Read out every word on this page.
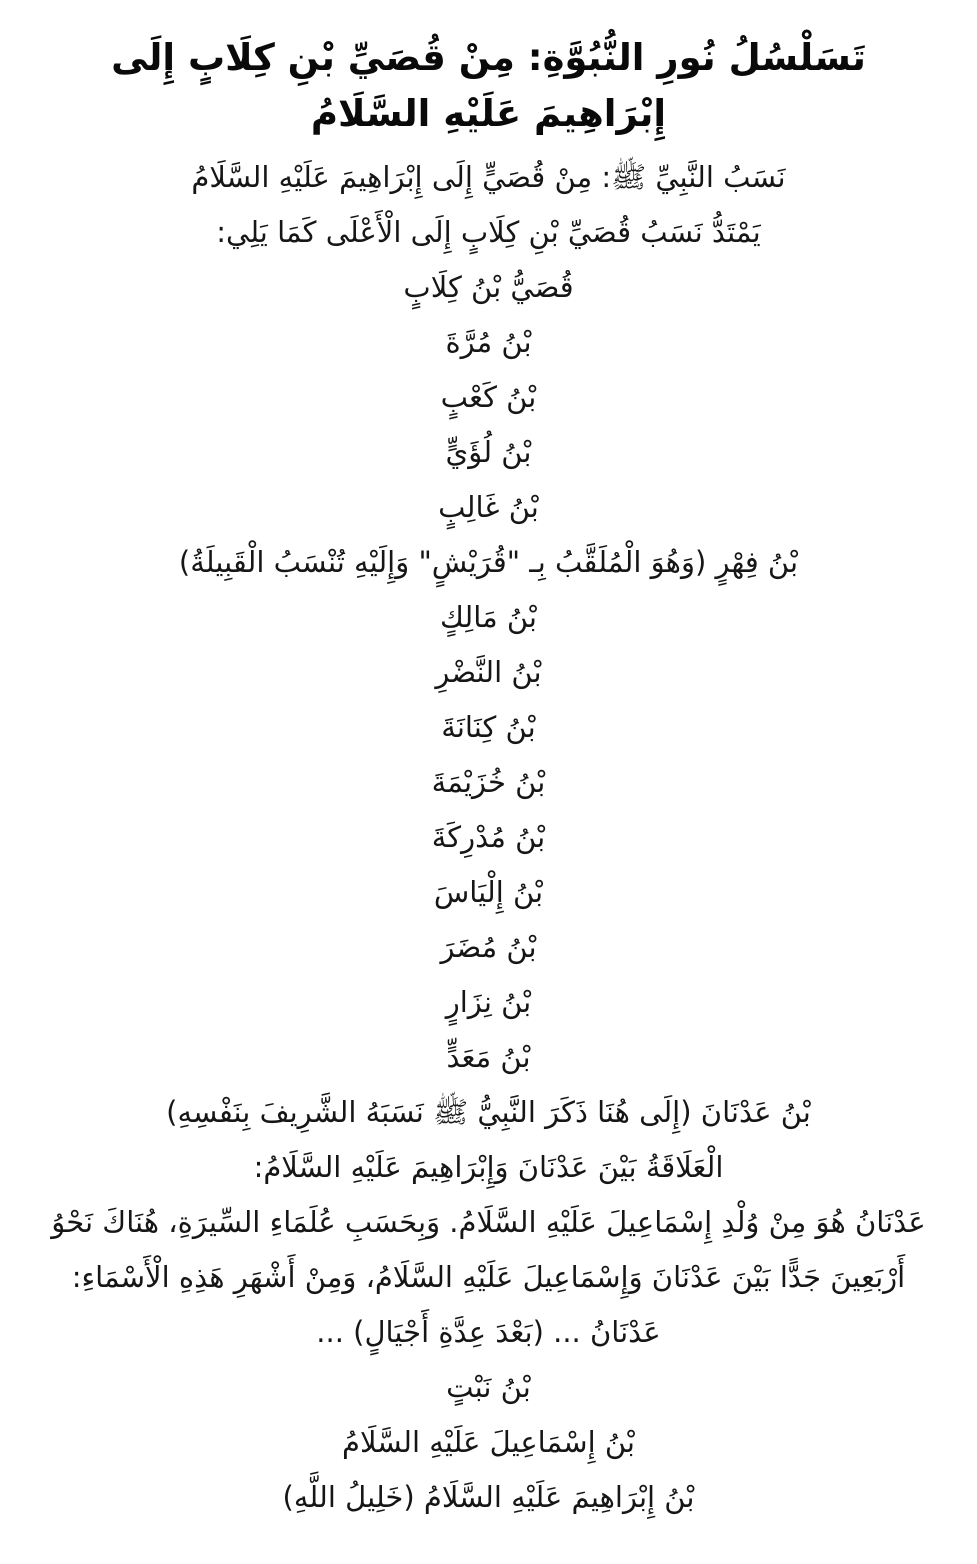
تَسَلْسُلُ نُورِ النُّبُوَّةِ: مِنْ قُصَيِّ بْنِ كِلَابٍ إِلَى
إِبْرَاهِيمَ عَلَيْهِ السَّلَامُ
نَسَبُ النَّبِيِّ ﷺ: مِنْ قُصَيٍّ إِلَى إِبْرَاهِيمَ عَلَيْهِ السَّلَامُ
يَمْتَدُّ نَسَبُ قُصَيِّ بْنِ كِلَابٍ إِلَى الْأَعْلَى كَمَا يَلِي:
قُصَيُّ بْنُ كِلَابٍ
بْنُ مُرَّةَ
بْنُ كَعْبٍ
بْنُ لُؤَيٍّ
بْنُ غَالِبٍ
بْنُ فِهْرٍ (وَهُوَ الْمُلَقَّبُ بِـ "قُرَيْشٍ" وَإِلَيْهِ تُنْسَبُ الْقَبِيلَةُ)
بْنُ مَالِكٍ
بْنُ النَّضْرِ
بْنُ كِنَانَةَ
بْنُ خُزَيْمَةَ
بْنُ مُدْرِكَةَ
بْنُ إِلْيَاسَ
بْنُ مُضَرَ
بْنُ نِزَارٍ
بْنُ مَعَدٍّ
بْنُ عَدْنَانَ (إِلَى هُنَا ذَكَرَ النَّبِيُّ ﷺ نَسَبَهُ الشَّرِيفَ بِنَفْسِهِ)
الْعَلَاقَةُ بَيْنَ عَدْنَانَ وَإِبْرَاهِيمَ عَلَيْهِ السَّلَامُ:
عَدْنَانُ هُوَ مِنْ وُلْدِ إِسْمَاعِيلَ عَلَيْهِ السَّلَامُ. وَبِحَسَبِ عُلَمَاءِ السِّيرَةِ، هُنَاكَ نَحْوُ
أَرْبَعِينَ جَدًّا بَيْنَ عَدْنَانَ وَإِسْمَاعِيلَ عَلَيْهِ السَّلَامُ، وَمِنْ أَشْهَرِ هَذِهِ الْأَسْمَاءِ:
عَدْنَانُ ... (بَعْدَ عِدَّةِ أَجْيَالٍ) ...
بْنُ نَبْتٍ
بْنُ إِسْمَاعِيلَ عَلَيْهِ السَّلَامُ
بْنُ إِبْرَاهِيمَ عَلَيْهِ السَّلَامُ (خَلِيلُ اللَّهِ)
